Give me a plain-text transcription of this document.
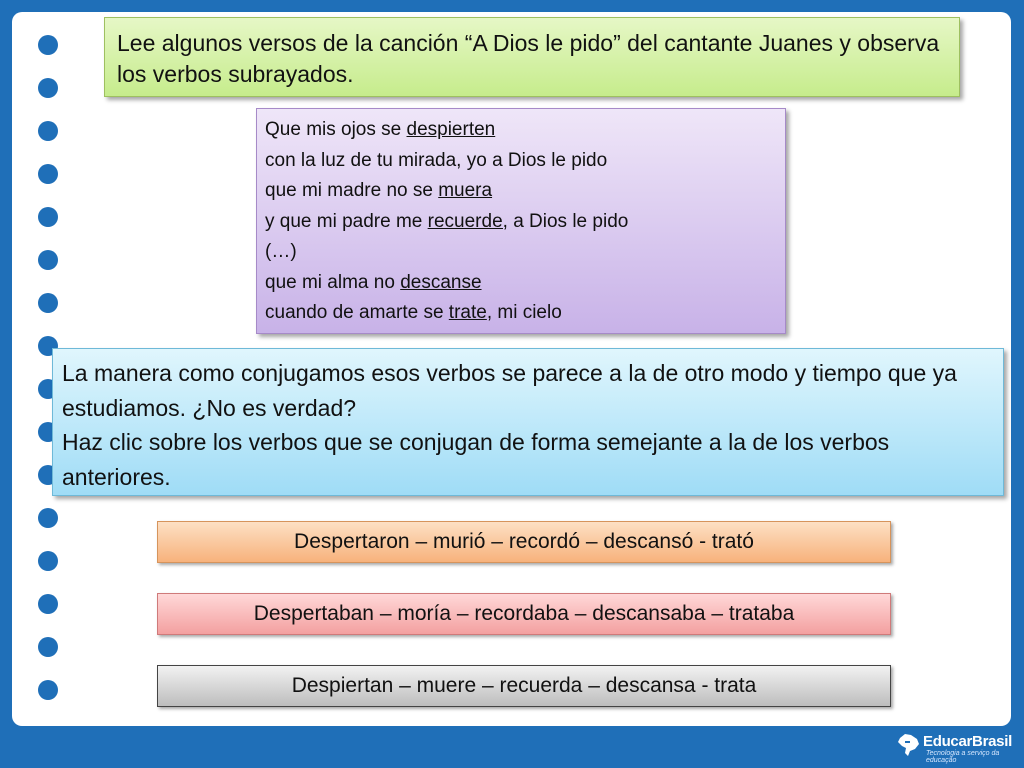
Lee algunos versos de la canción “A Dios le pido” del cantante Juanes y observa los verbos subrayados.
Que mis ojos se despierten
con la luz de tu mirada, yo a Dios le pido
que mi madre no se muera
y que mi padre me recuerde, a Dios le pido
(…)
que mi alma no descanse
cuando de amarte se trate, mi cielo
La manera como conjugamos esos verbos se parece a la de otro modo y tiempo que ya estudiamos. ¿No es verdad?
Haz clic sobre los verbos que se conjugan de forma semejante a la de los verbos anteriores.
Despertaron – murió – recordó – descansó - trató
Despertaban – moría – recordaba – descansaba – trataba
Despiertan – muere – recuerda – descansa - trata
EducarBrasil
Tecnologia a serviço da educação
